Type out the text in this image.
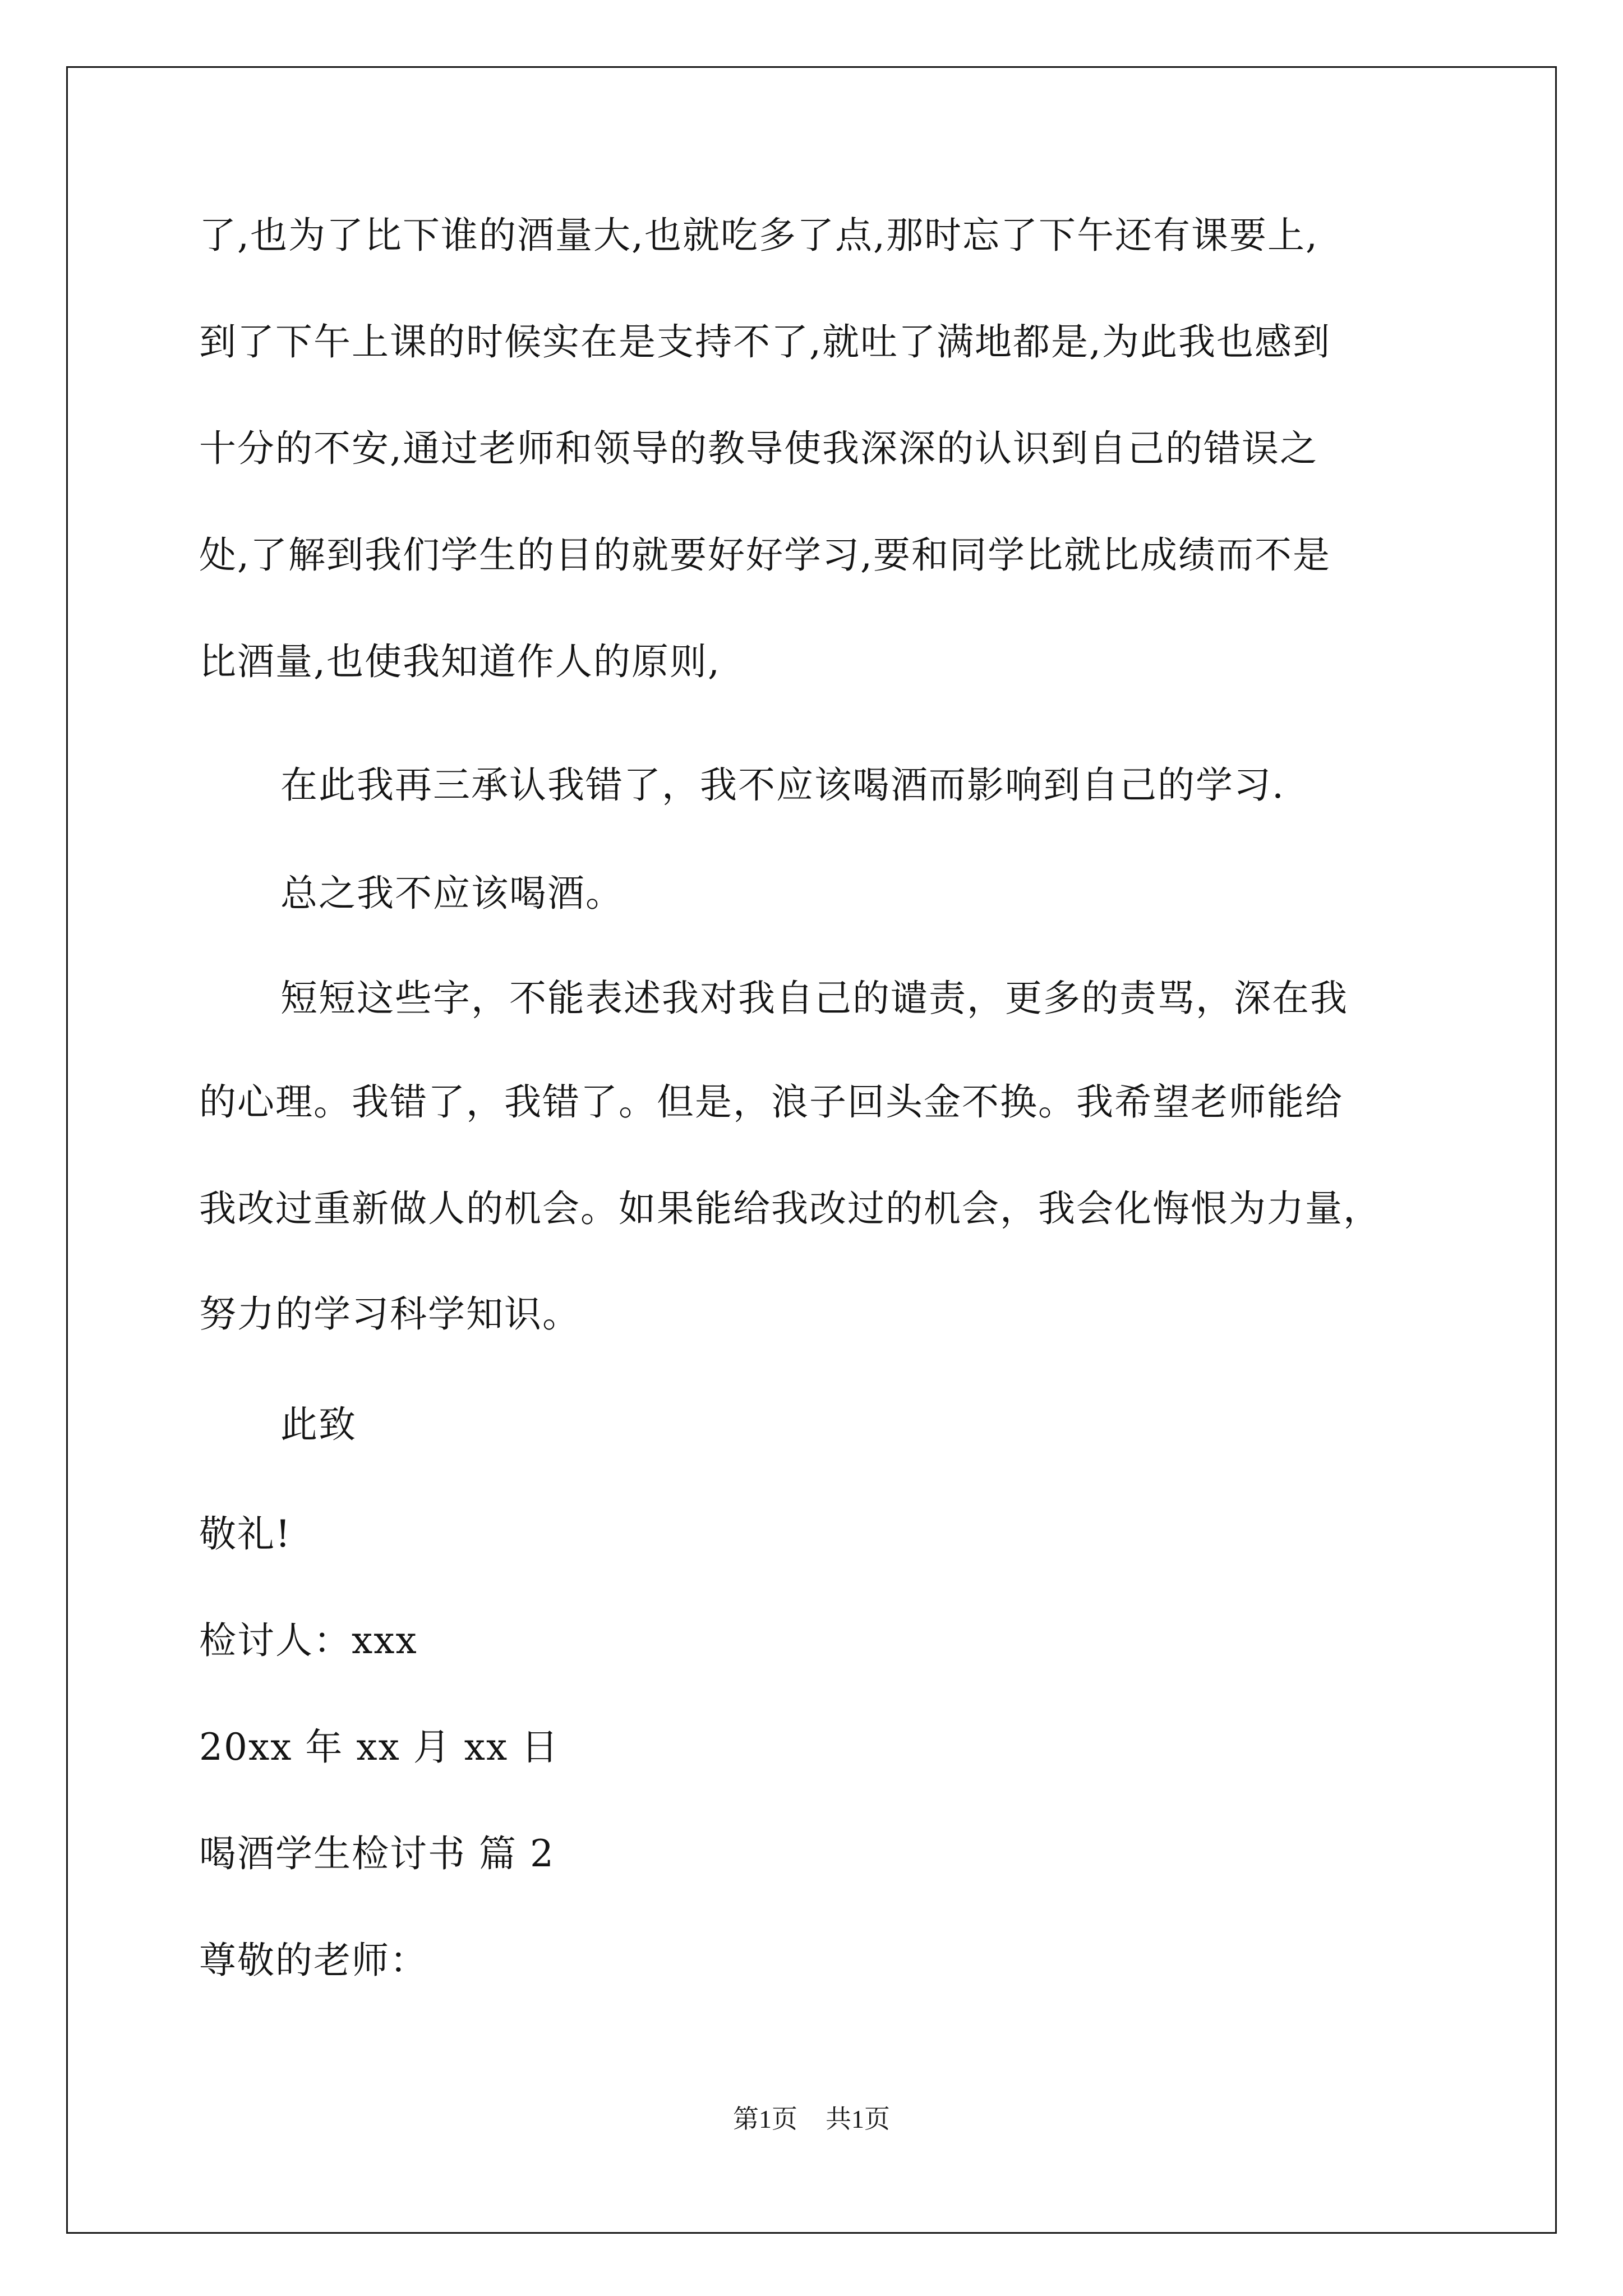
了,也为了比下谁的酒量大,也就吃多了点,那时忘了下午还有课要上,
到了下午上课的时候实在是支持不了,就吐了满地都是,为此我也感到
十分的不安,通过老师和领导的教导使我深深的认识到自己的错误之
处,了解到我们学生的目的就要好好学习,要和同学比就比成绩而不是
比酒量,也使我知道作人的原则,
在此我再三承认我错了，我不应该喝酒而影响到自己的学习.
总之我不应该喝酒。
短短这些字，不能表述我对我自己的谴责，更多的责骂，深在我
的心理。我错了，我错了。但是，浪子回头金不换。我希望老师能给
我改过重新做人的机会。如果能给我改过的机会，我会化悔恨为力量，
努力的学习科学知识。
此致
敬礼!
检讨人：xxx
20xx 年 xx 月 xx 日
喝酒学生检讨书 篇 2
尊敬的老师：
第1页 共1页
